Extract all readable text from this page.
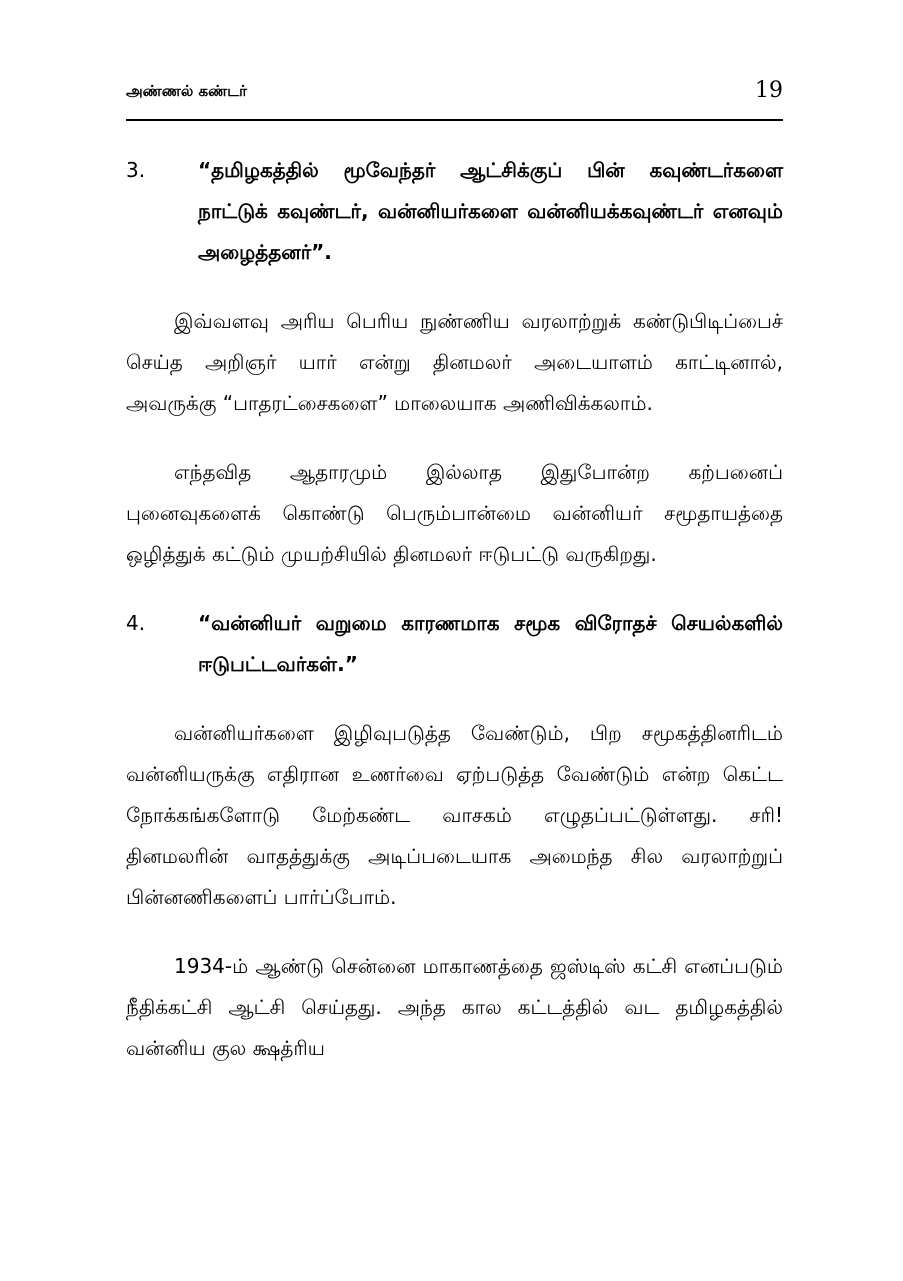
அண்ணல் கண்டர்	19
3.	“தமிழகத்தில் மூவேந்தர் ஆட்சிக்குப் பின் கவுண்டர்களை நாட்டுக் கவுண்டர், வன்னியர்களை வன்னியக்கவுண்டர் எனவும் அழைத்தனர்”.

இவ்வளவு அரிய பெரிய நுண்ணிய வரலாற்றுக் கண்டுபிடிப்பைச் செய்த அறிஞர் யார் என்று தினமலர் அடையாளம் காட்டினால், அவருக்கு “பாதரட்சைகளை” மாலையாக அணிவிக்கலாம்.

எந்தவித ஆதாரமும் இல்லாத இதுபோன்ற கற்பனைப் புனைவுகளைக் கொண்டு பெரும்பான்மை வன்னியர் சமூதாயத்தை ஒழித்துக் கட்டும் முயற்சியில் தினமலர் ஈடுபட்டு வருகிறது.

4.	“வன்னியர் வறுமை காரணமாக சமூக விரோதச் செயல்களில் ஈடுபட்டவர்கள்.”

வன்னியர்களை இழிவுபடுத்த வேண்டும், பிற சமூகத்தினரிடம் வன்னியருக்கு எதிரான உணர்வை ஏற்படுத்த வேண்டும் என்ற கெட்ட நோக்கங்களோடு மேற்கண்ட வாசகம் எழுதப்பட்டுள்ளது. சரி! தினமலரின் வாதத்துக்கு அடிப்படையாக அமைந்த சில வரலாற்றுப் பின்னணிகளைப் பார்ப்போம்.

1934-ம் ஆண்டு சென்னை மாகாணத்தை ஜஸ்டிஸ் கட்சி எனப்படும் நீதிக்கட்சி ஆட்சி செய்தது. அந்த கால கட்டத்தில் வட தமிழகத்தில் வன்னிய குல க்ஷத்ரிய
